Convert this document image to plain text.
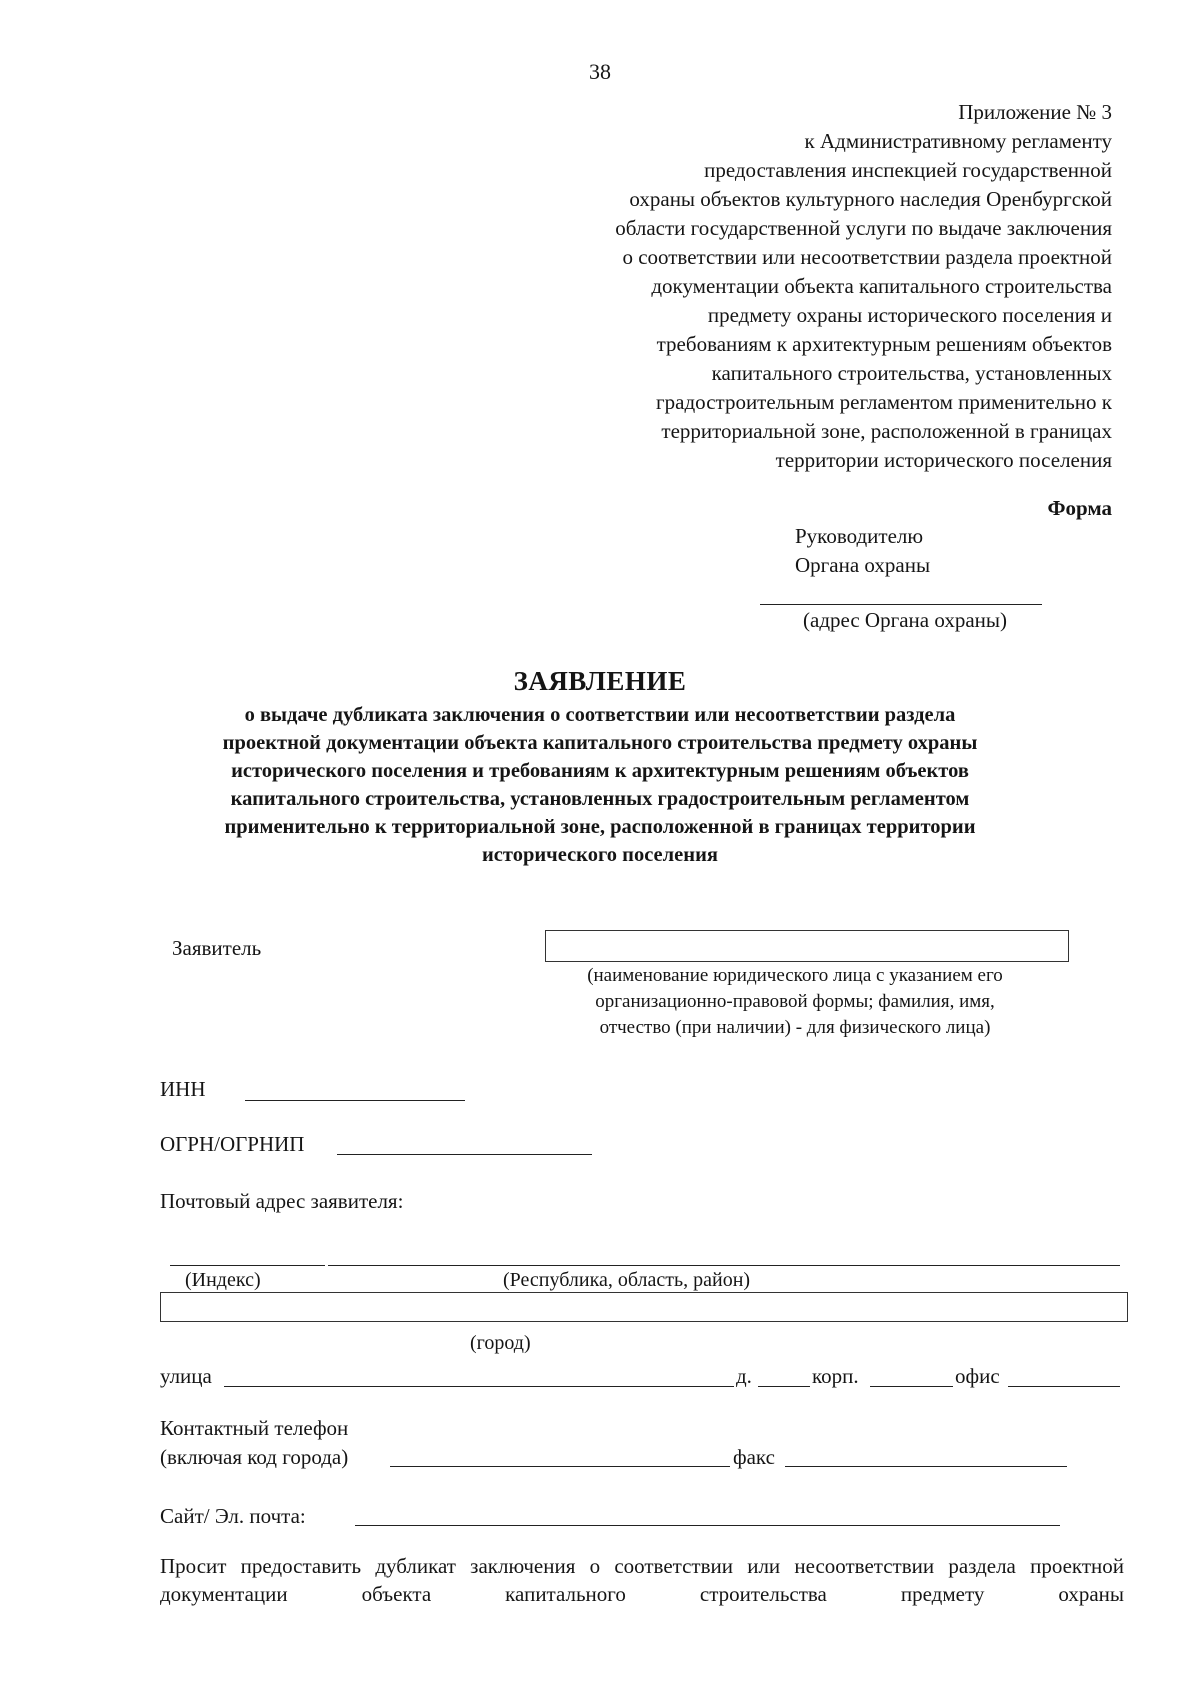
38
Приложение № 3
к Административному регламенту
предоставления инспекцией государственной
охраны объектов культурного наследия Оренбургской
области государственной услуги по выдаче заключения
о соответствии или несоответствии раздела проектной
документации объекта капитального строительства
предмету охраны исторического поселения и
требованиям к архитектурным решениям объектов
капитального строительства, установленных
градостроительным регламентом применительно к
территориальной зоне, расположенной в границах
территории исторического поселения
Форма
Руководителю
Органа охраны
(адрес Органа охраны)
ЗАЯВЛЕНИЕ
о выдаче дубликата заключения о соответствии или несоответствии раздела
проектной документации объекта капитального строительства предмету охраны
исторического поселения и требованиям к архитектурным решениям объектов
капитального строительства, установленных градостроительным регламентом
применительно к территориальной зоне, расположенной в границах территории
исторического поселения
Заявитель
(наименование юридического лица с указанием его
организационно-правовой формы; фамилия, имя,
отчество (при наличии) - для физического лица)
ИНН
ОГРН/ОГРНИП
Почтовый адрес заявителя:
(Индекс)	(Республика, область, район)
(город)
улица	д.	корп.	офис
Контактный телефон
(включая код города)	факс
Сайт/ Эл. почта:
Просит предоставить дубликат заключения о соответствии или несоответствии раздела проектной документации объекта капитального строительства предмету охраны
